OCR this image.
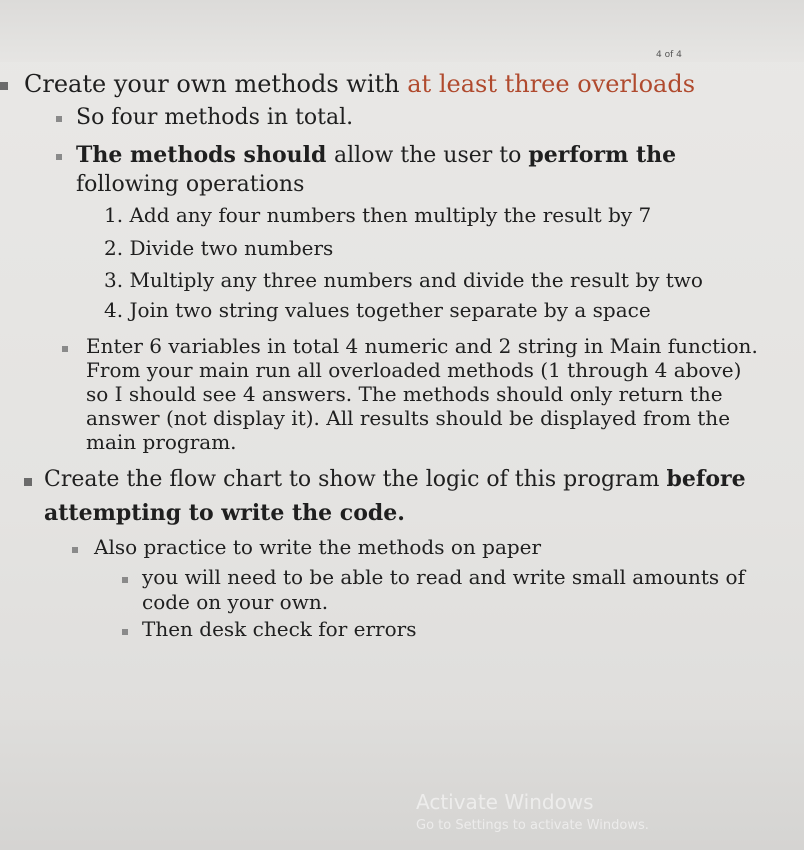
4 of 4
Create your own methods with at least three overloads
So four methods in total.
The methods should allow the user to perform the
following operations
1. Add any four numbers then multiply the result by 7
2. Divide two numbers
3. Multiply any three numbers and divide the result by two
4. Join two string values together separate by a space
Enter 6 variables in total 4 numeric and 2 string in Main function.
From your main run all overloaded methods (1 through 4 above)
so I should see 4 answers. The methods should only return the
answer (not display it). All results should be displayed from the
main program.
Create the flow chart to show the logic of this program before
attempting to write the code.
Also practice to write the methods on paper
you will need to be able to read and write small amounts of
code on your own.
Then desk check for errors
Activate Windows
Go to Settings to activate Windows.
